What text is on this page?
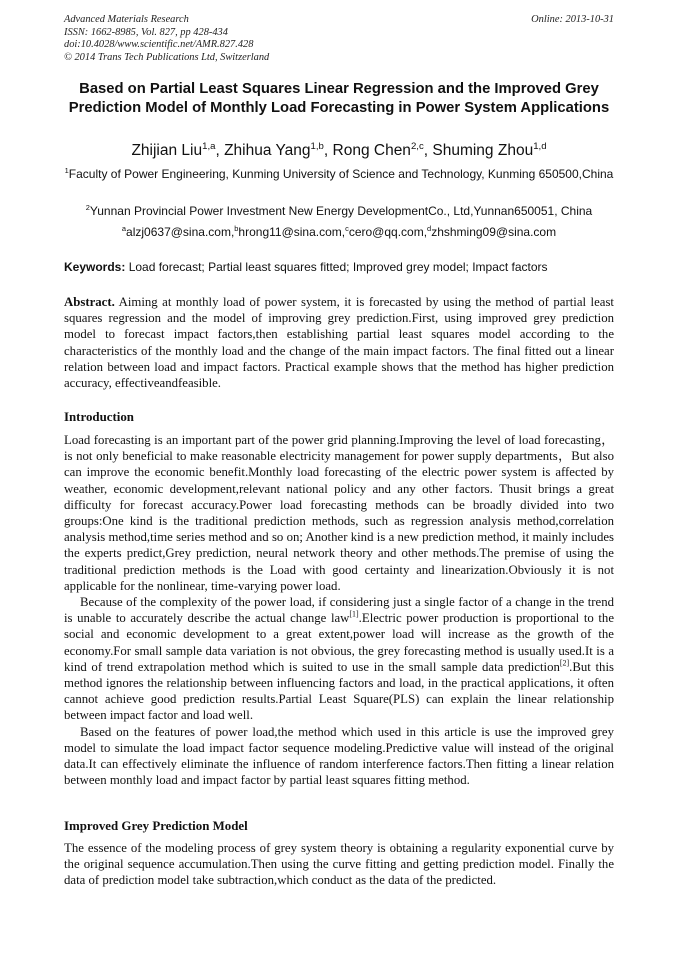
Advanced Materials Research
ISSN: 1662-8985, Vol. 827, pp 428-434
doi:10.4028/www.scientific.net/AMR.827.428
© 2014 Trans Tech Publications Ltd, Switzerland
Online: 2013-10-31
Based on Partial Least Squares Linear Regression and the Improved Grey Prediction Model of Monthly Load Forecasting in Power System Applications
Zhijian Liu$^{1,a}$, Zhihua Yang$^{1,b}$, Rong Chen$^{2,c}$, Shuming Zhou$^{1,d}$
$^1$Faculty of Power Engineering, Kunming University of Science and Technology, Kunming 650500,China
$^2$Yunnan Provincial Power Investment New Energy DevelopmentCo., Ltd,Yunnan650051, China
$^a$alzj0637@sina.com,$^b$hrong11@sina.com,$^c$cero@qq.com,$^d$zhshming09@sina.com
Keywords: Load forecast; Partial least squares fitted; Improved grey model; Impact factors
Abstract. Aiming at monthly load of power system, it is forecasted by using the method of partial least squares regression and the model of improving grey prediction.First, using improved grey prediction model to forecast impact factors,then establishing partial least squares model according to the characteristics of the monthly load and the change of the main impact factors. The final fitted out a linear relation between load and impact factors. Practical example shows that the method has higher prediction accuracy, effectiveandfeasible.
Introduction

Load forecasting is an important part of the power grid planning.Improving the level of load forecasting，is not only beneficial to make reasonable electricity management for power supply departments，But also can improve the economic benefit.Monthly load forecasting of the electric power system is affected by weather, economic development,relevant national policy and any other factors. Thusit brings a great difficulty for forecast accuracy.Power load forecasting methods can be broadly divided into two groups:One kind is the traditional prediction methods, such as regression analysis method,correlation analysis method,time series method and so on; Another kind is a new prediction method, it mainly includes the experts predict,Grey prediction, neural network theory and other methods.The premise of using the traditional prediction methods is the Load with good certainty and linearization.Obviously it is not applicable for the nonlinear, time-varying power load.

Because of the complexity of the power load, if considering just a single factor of a change in the trend is unable to accurately describe the actual change law[1].Electric power production is proportional to the social and economic development to a great extent,power load will increase as the growth of the economy.For small sample data variation is not obvious, the grey forecasting method is usually used.It is a kind of trend extrapolation method which is suited to use in the small sample data prediction[2].But this method ignores the relationship between influencing factors and load, in the practical applications, it often cannot achieve good prediction results.Partial Least Square(PLS) can explain the linear relationship between impact factor and load well.

Based on the features of power load,the method which used in this article is use the improved grey model to simulate the load impact factor sequence modeling.Predictive value will instead of the original data.It can effectively eliminate the influence of random interference factors.Then fitting a linear relation between monthly load and impact factor by partial least squares fitting method.

Improved Grey Prediction Model

The essence of the modeling process of grey system theory is obtaining a regularity exponential curve by the original sequence accumulation.Then using the curve fitting and getting prediction model. Finally the data of prediction model take subtraction,which conduct as the data of the predicted.
